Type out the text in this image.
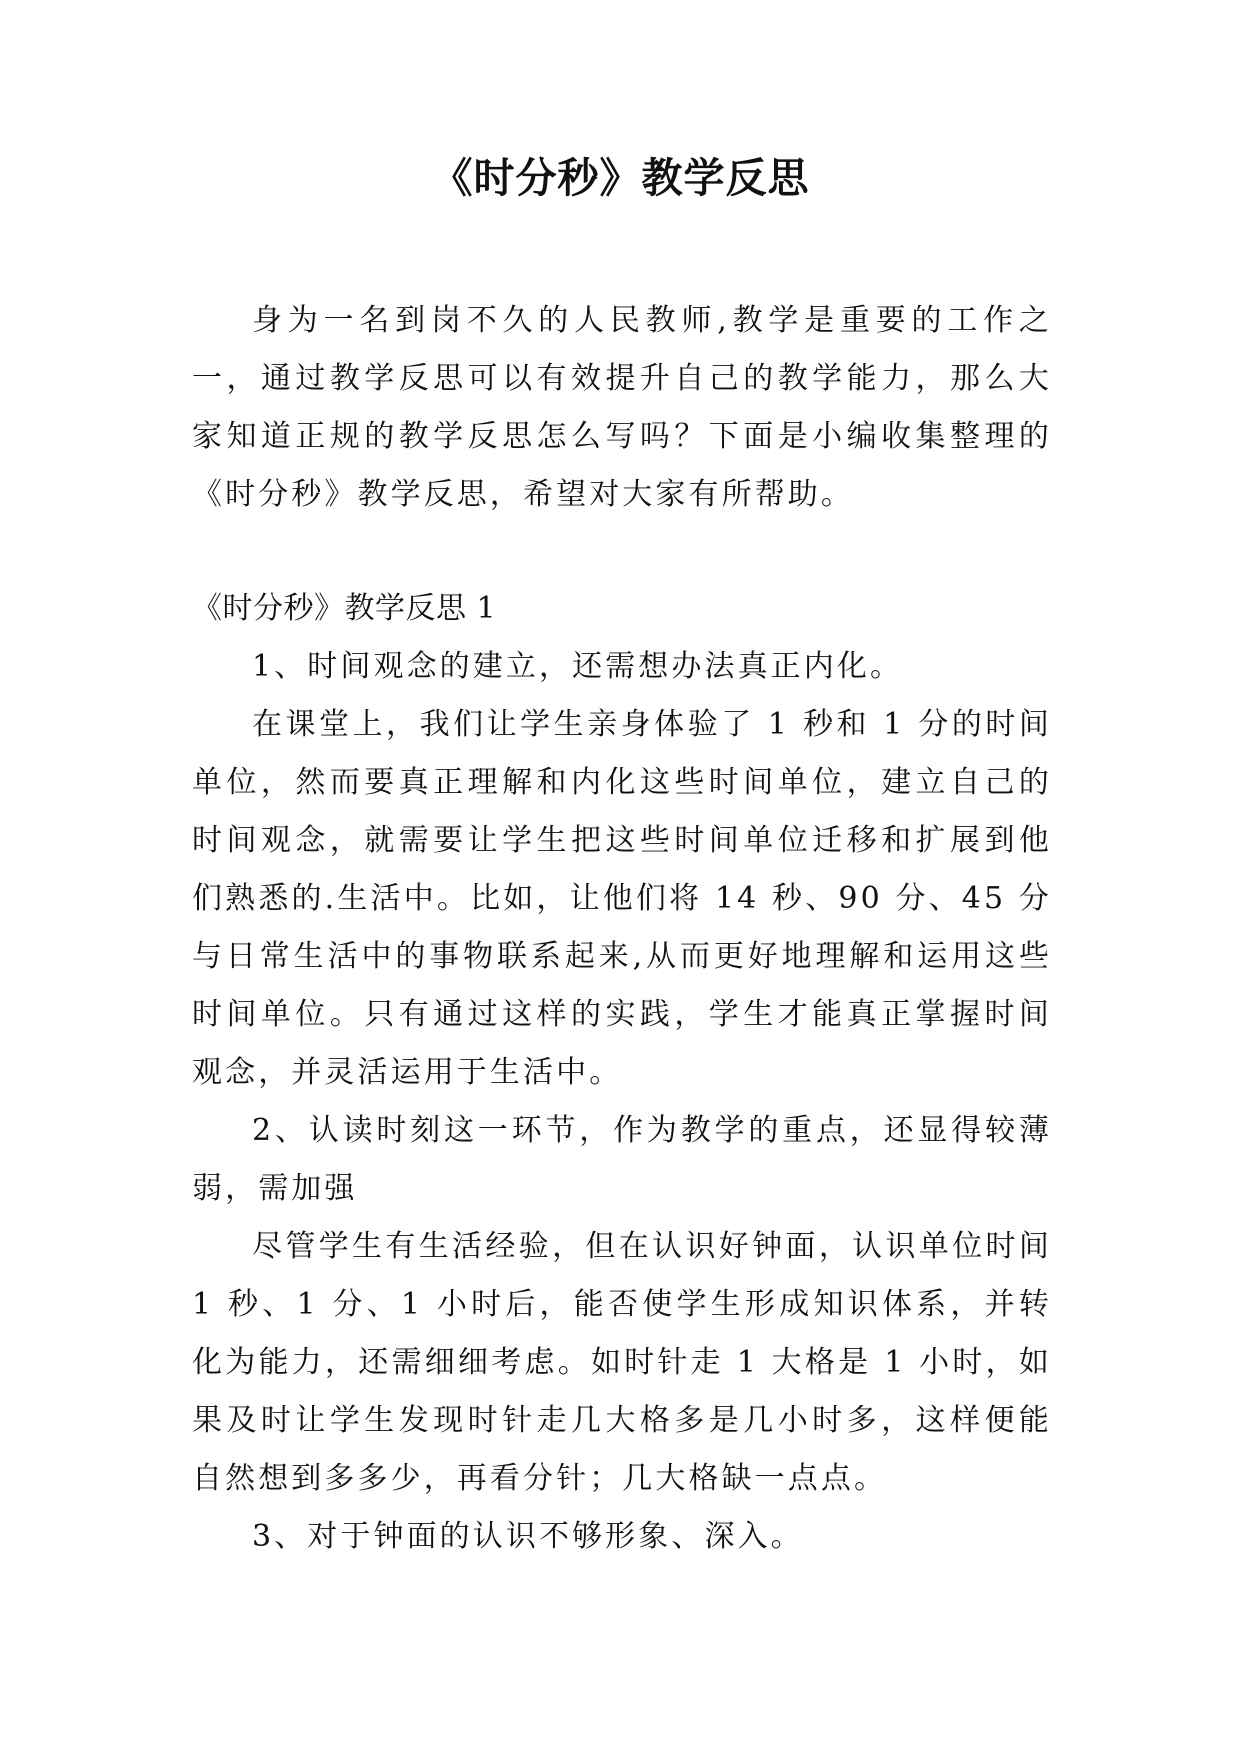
《时分秒》教学反思

身为一名到岗不久的人民教师,教学是重要的工作之一，通过教学反思可以有效提升自己的教学能力，那么大家知道正规的教学反思怎么写吗？下面是小编收集整理的《时分秒》教学反思，希望对大家有所帮助。

《时分秒》教学反思 1

1、时间观念的建立，还需想办法真正内化。

在课堂上，我们让学生亲身体验了 1 秒和 1 分的时间单位，然而要真正理解和内化这些时间单位，建立自己的时间观念，就需要让学生把这些时间单位迁移和扩展到他们熟悉的.生活中。比如，让他们将 14 秒、90 分、45 分与日常生活中的事物联系起来,从而更好地理解和运用这些时间单位。只有通过这样的实践，学生才能真正掌握时间观念，并灵活运用于生活中。

2、认读时刻这一环节，作为教学的重点，还显得较薄弱，需加强

尽管学生有生活经验，但在认识好钟面，认识单位时间 1 秒、1 分、1 小时后，能否使学生形成知识体系，并转化为能力，还需细细考虑。如时针走 1 大格是 1 小时，如果及时让学生发现时针走几大格多是几小时多，这样便能自然想到多多少，再看分针；几大格缺一点点。

3、对于钟面的认识不够形象、深入。
